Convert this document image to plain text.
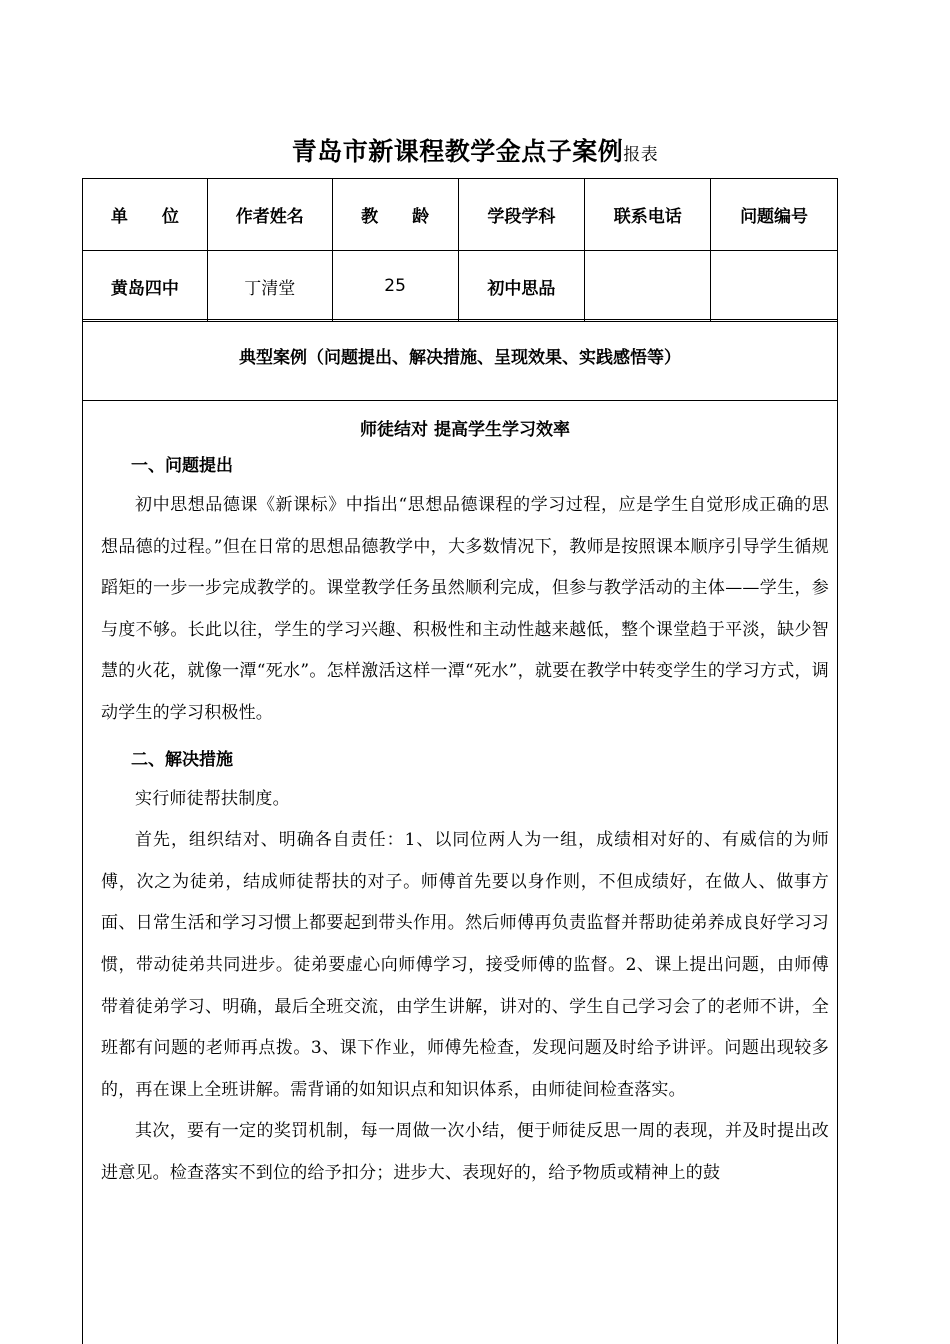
青岛市新课程教学金点子案例报表
单　　位	作者姓名	教　　龄	学段学科	联系电话	问题编号
黄岛四中	丁清堂	25	初中思品		
典型案例（问题提出、解决措施、呈现效果、实践感悟等）
师徒结对 提高学生学习效率
一、问题提出

初中思想品德课《新课标》中指出“思想品德课程的学习过程，应是学生自觉形成正确的思想品德的过程。”但在日常的思想品德教学中，大多数情况下，教师是按照课本顺序引导学生循规蹈矩的一步一步完成教学的。课堂教学任务虽然顺利完成，但参与教学活动的主体——学生，参与度不够。长此以往，学生的学习兴趣、积极性和主动性越来越低，整个课堂趋于平淡，缺少智慧的火花，就像一潭“死水”。怎样激活这样一潭“死水”，就要在教学中转变学生的学习方式，调动学生的学习积极性。

二、解决措施

实行师徒帮扶制度。

首先，组织结对、明确各自责任：1、以同位两人为一组，成绩相对好的、有威信的为师傅，次之为徒弟，结成师徒帮扶的对子。师傅首先要以身作则，不但成绩好，在做人、做事方面、日常生活和学习习惯上都要起到带头作用。然后师傅再负责监督并帮助徒弟养成良好学习习惯，带动徒弟共同进步。徒弟要虚心向师傅学习，接受师傅的监督。2、课上提出问题，由师傅带着徒弟学习、明确，最后全班交流，由学生讲解，讲对的、学生自己学习会了的老师不讲，全班都有问题的老师再点拨。3、课下作业，师傅先检查，发现问题及时给予讲评。问题出现较多的，再在课上全班讲解。需背诵的如知识点和知识体系，由师徒间检查落实。

其次，要有一定的奖罚机制，每一周做一次小结，便于师徒反思一周的表现，并及时提出改进意见。检查落实不到位的给予扣分；进步大、表现好的，给予物质或精神上的鼓
